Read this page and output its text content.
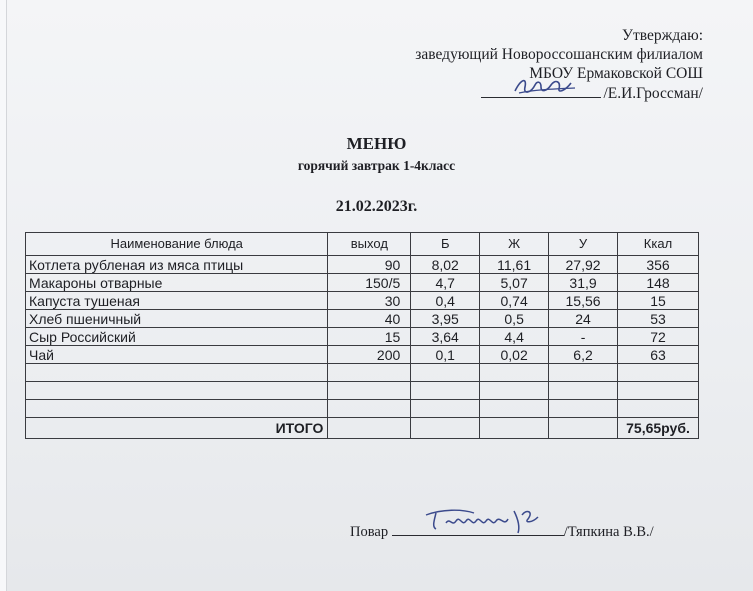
Утверждаю:
заведующий Новороссошанским филиалом
МБОУ Ермаковской СОШ
/Е.И.Гроссман/
МЕНЮ
горячий завтрак 1-4класс
21.02.2023г.
Наименование блюда	выход	Б	Ж	У	Ккал
Котлета рубленая из мяса птицы	90	8,02	11,61	27,92	356
Макароны отварные	150/5	4,7	5,07	31,9	148
Капуста тушеная	30	0,4	0,74	15,56	15
Хлеб пшеничный	40	3,95	0,5	24	53
Сыр Российский	15	3,64	4,4	-	72
Чай	200	0,1	0,02	6,2	63

ИТОГО					75,65руб.
Повар	/Тяпкина В.В./
